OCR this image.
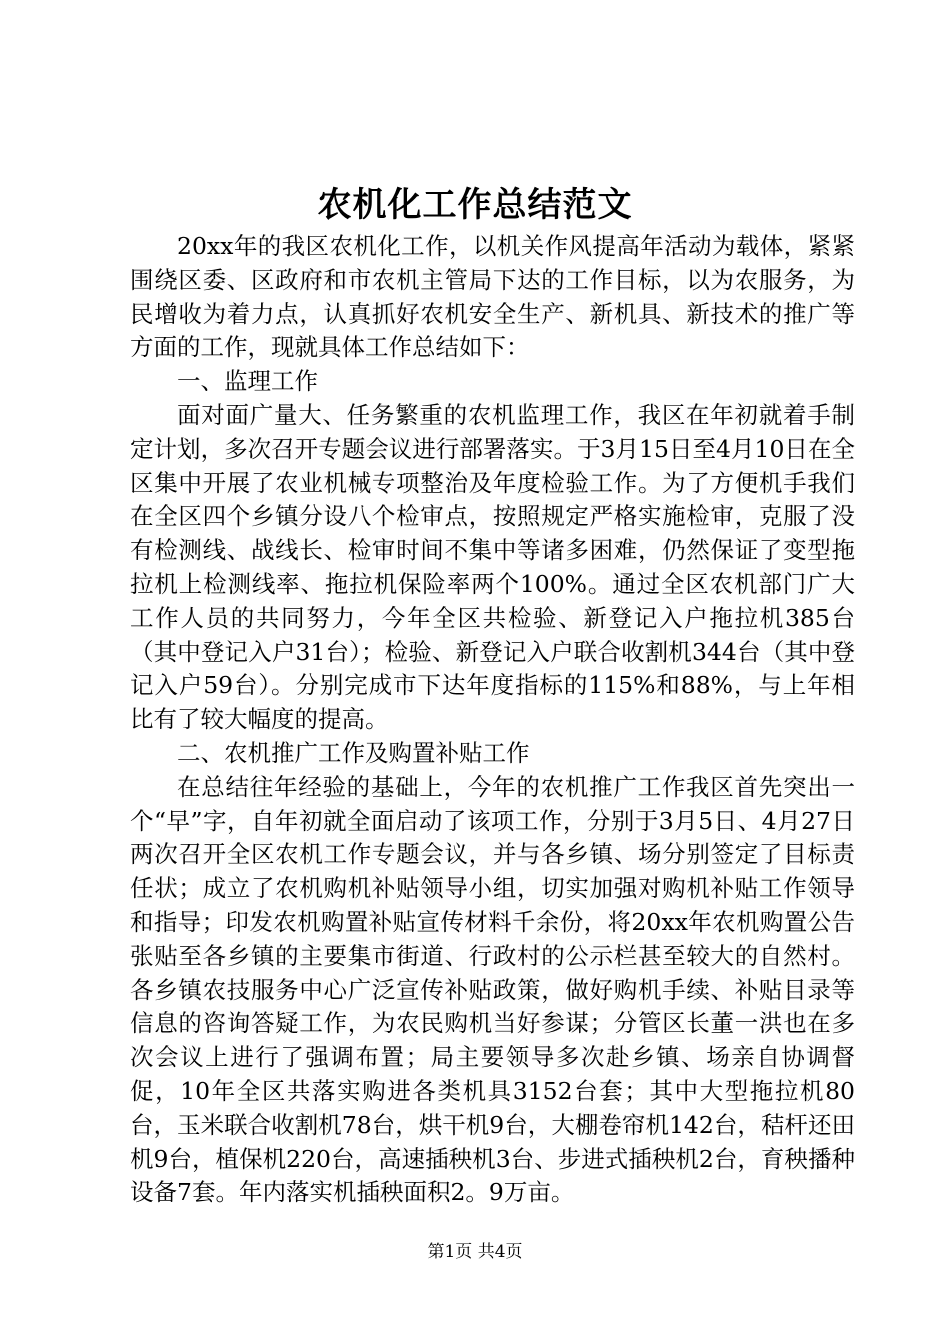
农机化工作总结范文

20xx年的我区农机化工作，以机关作风提高年活动为载体，紧紧围绕区委、区政府和市农机主管局下达的工作目标，以为农服务，为民增收为着力点，认真抓好农机安全生产、新机具、新技术的推广等方面的工作，现就具体工作总结如下：

一、监理工作

面对面广量大、任务繁重的农机监理工作，我区在年初就着手制定计划，多次召开专题会议进行部署落实。于3月15日至4月10日在全区集中开展了农业机械专项整治及年度检验工作。为了方便机手我们在全区四个乡镇分设八个检审点，按照规定严格实施检审，克服了没有检测线、战线长、检审时间不集中等诸多困难，仍然保证了变型拖拉机上检测线率、拖拉机保险率两个100%。通过全区农机部门广大工作人员的共同努力，今年全区共检验、新登记入户拖拉机385台（其中登记入户31台）；检验、新登记入户联合收割机344台（其中登记入户59台）。分别完成市下达年度指标的115%和88%，与上年相比有了较大幅度的提高。

二、农机推广工作及购置补贴工作

在总结往年经验的基础上，今年的农机推广工作我区首先突出一个“早”字，自年初就全面启动了该项工作，分别于3月5日、4月27日两次召开全区农机工作专题会议，并与各乡镇、场分别签定了目标责任状；成立了农机购机补贴领导小组，切实加强对购机补贴工作领导和指导；印发农机购置补贴宣传材料千余份，将20xx年农机购置公告张贴至各乡镇的主要集市街道、行政村的公示栏甚至较大的自然村。各乡镇农技服务中心广泛宣传补贴政策，做好购机手续、补贴目录等信息的咨询答疑工作，为农民购机当好参谋；分管区长董一洪也在多次会议上进行了强调布置；局主要领导多次赴乡镇、场亲自协调督促，10年全区共落实购进各类机具3152台套；其中大型拖拉机80台，玉米联合收割机78台，烘干机9台，大棚卷帘机142台，秸杆还田机9台，植保机220台，高速插秧机3台、步进式插秧机2台，育秧播种设备7套。年内落实机插秧面积2。9万亩。

第1页 共4页
